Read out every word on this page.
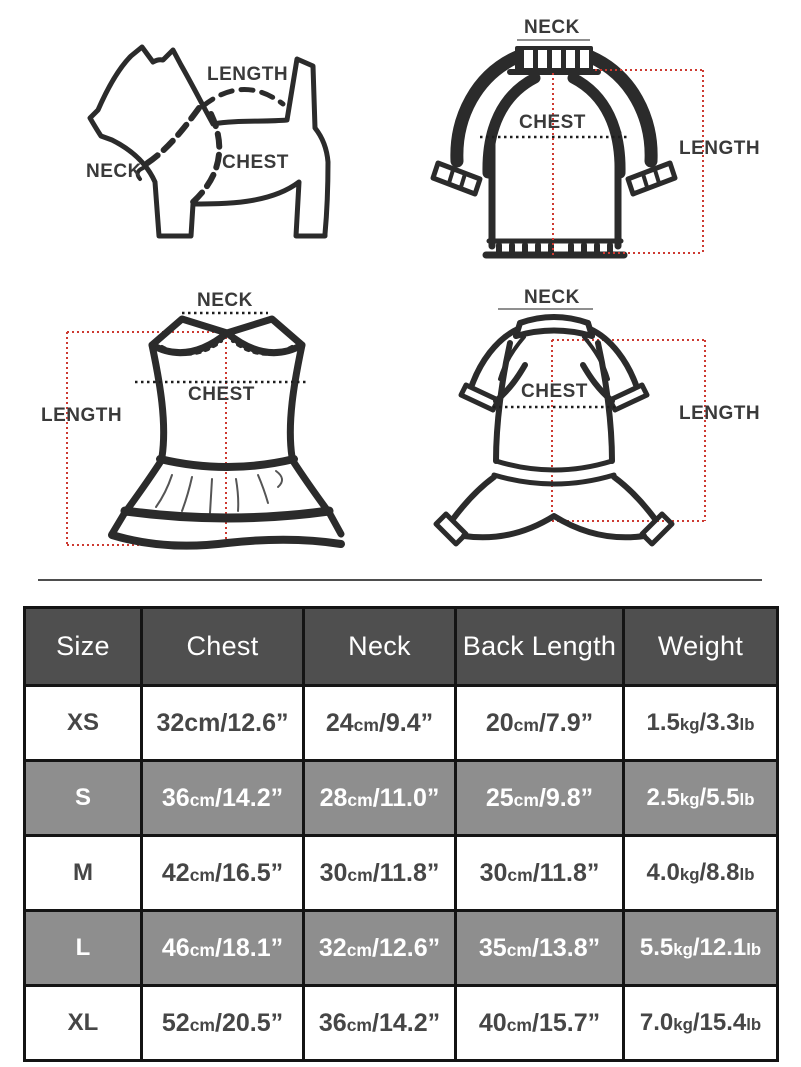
LENGTH
NECK	CHEST
NECK
CHEST
LENGTH
NECK
CHEST
LENGTH
NECK
CHEST
LENGTH
Size	Chest	Neck	Back Length	Weight
XS	32cm/12.6”	24cm/9.4”	20cm/7.9”	1.5kg/3.3lb
S	36cm/14.2”	28cm/11.0”	25cm/9.8”	2.5kg/5.5lb
M	42cm/16.5”	30cm/11.8”	30cm/11.8”	4.0kg/8.8lb
L	46cm/18.1”	32cm/12.6”	35cm/13.8”	5.5kg/12.1lb
XL	52cm/20.5”	36cm/14.2”	40cm/15.7”	7.0kg/15.4lb
